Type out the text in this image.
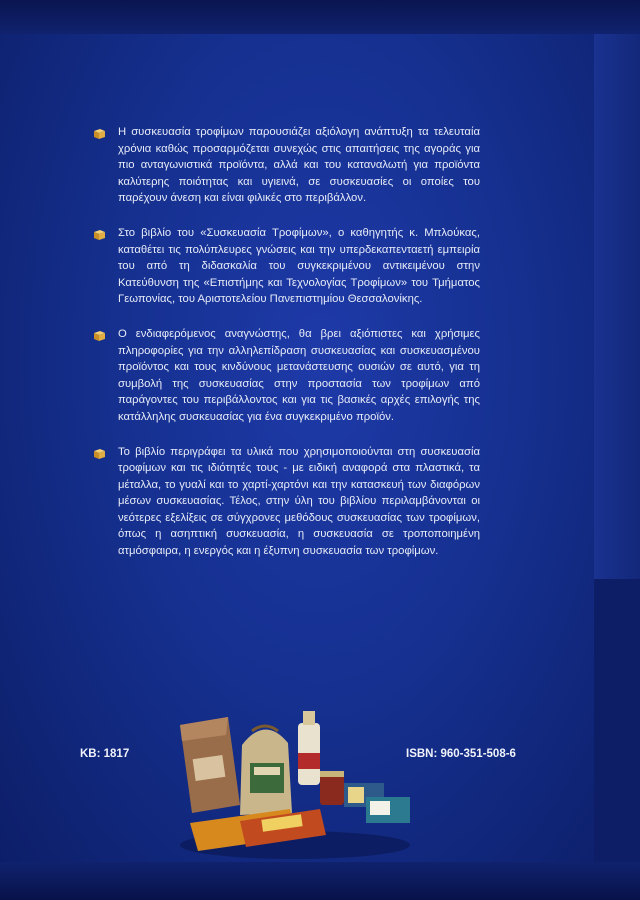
Η συσκευασία τροφίμων παρουσιάζει αξιόλογη ανάπτυξη τα τελευταία χρόνια καθώς προσαρμόζεται συνεχώς στις απαιτήσεις της αγοράς για πιο ανταγωνιστικά προϊόντα, αλλά και του καταναλωτή για προϊόντα καλύτερης ποιότητας και υγιεινά, σε συσκευασίες οι οποίες του παρέχουν άνεση και είναι φιλικές στο περιβάλλον.

Στο βιβλίο του «Συσκευασία Τροφίμων», ο καθηγητής κ. Μπλούκας, καταθέτει τις πολύπλευρες γνώσεις και την υπερδεκαπενταετή εμπειρία του από τη διδασκαλία του συγκεκριμένου αντικειμένου στην Κατεύθυνση της «Επιστήμης και Τεχνολογίας Τροφίμων» του Τμήματος Γεωπονίας, του Αριστοτελείου Πανεπιστημίου Θεσσαλονίκης.

Ο ενδιαφερόμενος αναγνώστης, θα βρει αξιόπιστες και χρήσιμες πληροφορίες για την αλληλεπίδραση συσκευασίας και συσκευασμένου προϊόντος και τους κινδύνους μετανάστευσης ουσιών σε αυτό, για τη συμβολή της συσκευασίας στην προστασία των τροφίμων από παράγοντες του περιβάλλοντος και για τις βασικές αρχές επιλογής της κατάλληλης συσκευασίας για ένα συγκεκριμένο προϊόν.

Το βιβλίο περιγράφει τα υλικά που χρησιμοποιούνται στη συσκευασία τροφίμων και τις ιδιότητές τους - με ειδική αναφορά στα πλαστικά, τα μέταλλα, το γυαλί και το χαρτί-χαρτόνι και την κατασκευή των διαφόρων μέσων συσκευασίας. Τέλος, στην ύλη του βιβλίου περιλαμβάνονται οι νεότερες εξελίξεις σε σύγχρονες μεθόδους συσκευασίας των τροφίμων, όπως η ασηπτική συσκευασία, η συσκευασία σε τροποποιημένη ατμόσφαιρα, η ενεργός και η έξυπνη συσκευασία των τροφίμων.

KB: 1817	ISBN: 960-351-508-6
